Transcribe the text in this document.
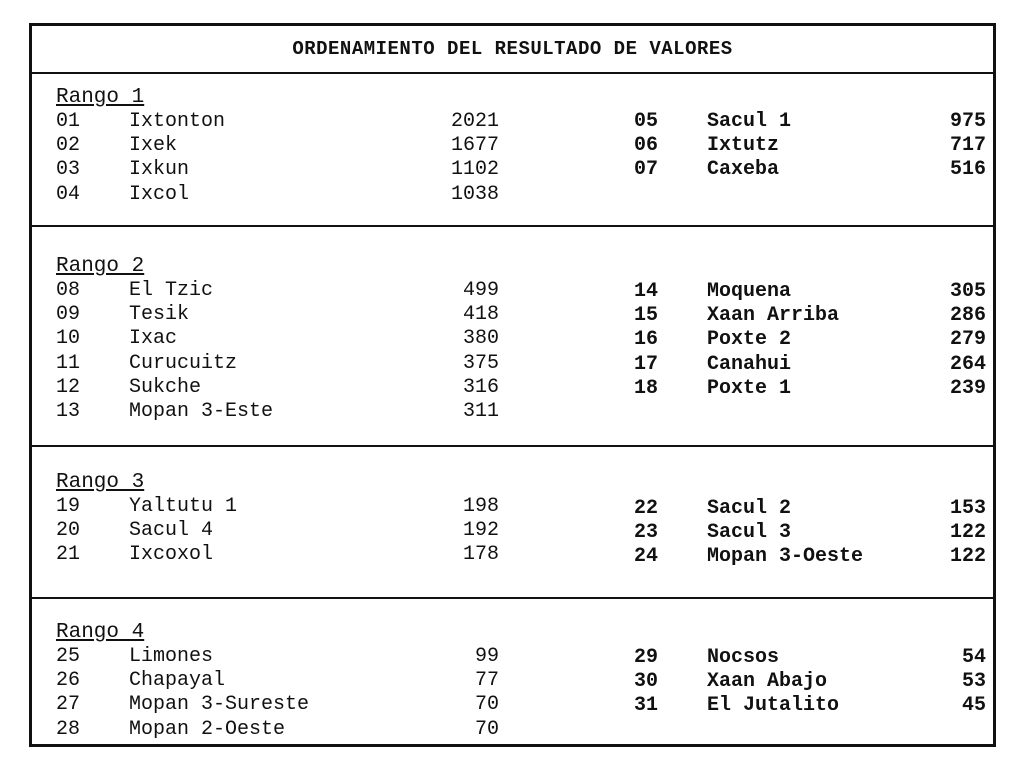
ORDENAMIENTO DEL RESULTADO DE VALORES
Rango 1
01 Ixtonton	2021
02 Ixek	1677
03 Ixkun	1102
04 Ixcol	1038
05 Sacul 1	975
06 Ixtutz	717
07 Caxeba	516
Rango 2
08 El Tzic	499
09 Tesik	418
10 Ixac	380
11 Curucuitz	375
12 Sukche	316
13 Mopan 3-Este	311
14 Moquena	305
15 Xaan Arriba	286
16 Poxte 2	279
17 Canahui	264
18 Poxte 1	239
Rango 3
19 Yaltutu 1	198
20 Sacul 4	192
21 Ixcoxol	178
22 Sacul 2	153
23 Sacul 3	122
24 Mopan 3-Oeste	122
Rango 4
25 Limones	99
26 Chapayal	77
27 Mopan 3-Sureste	70
28 Mopan 2-Oeste	70
29 Nocsos	54
30 Xaan Abajo	53
31 El Jutalito	45
